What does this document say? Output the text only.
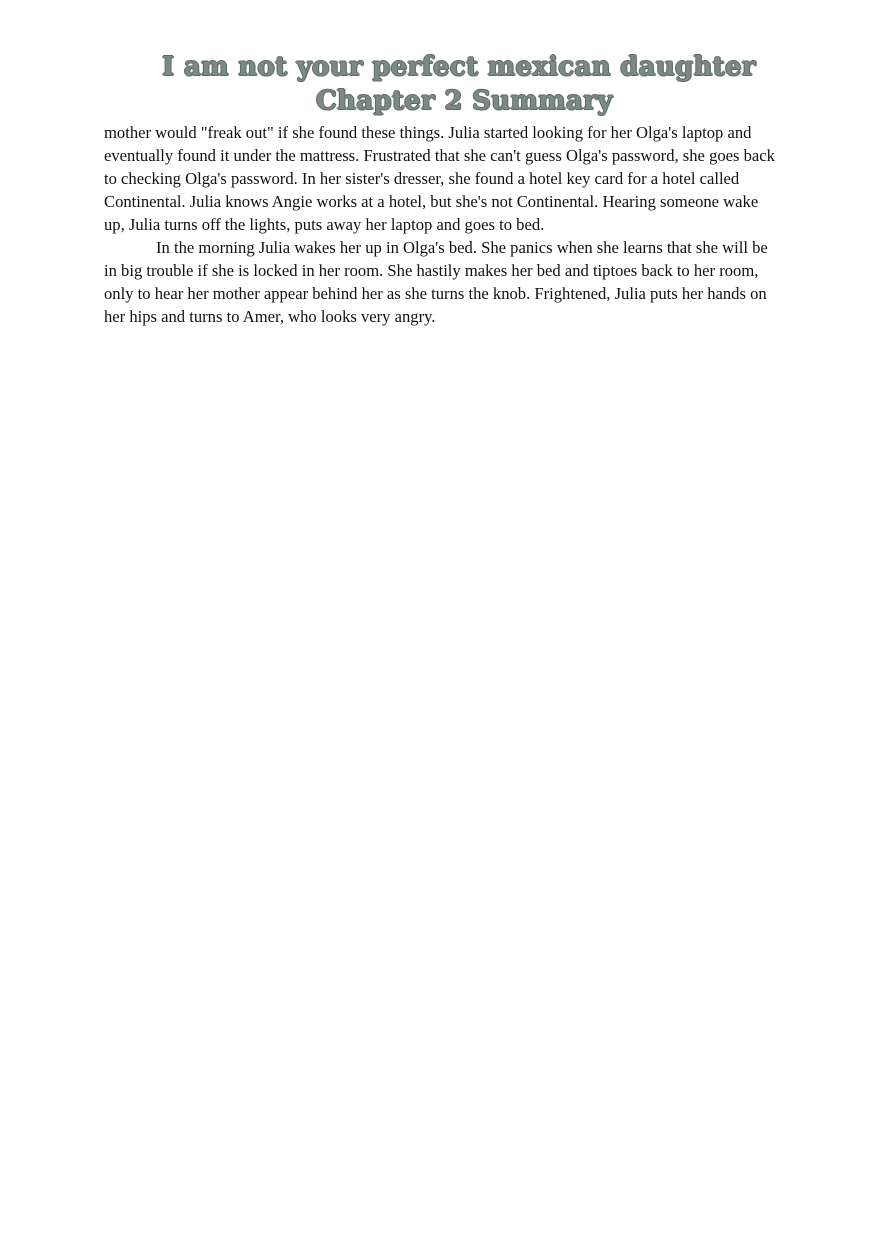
I am not your perfect mexican daughter
Chapter 2 Summary

mother would "freak out" if she found these things. Julia started looking for her Olga's laptop and eventually found it under the mattress. Frustrated that she can't guess Olga's password, she goes back to checking Olga's password. In her sister's dresser, she found a hotel key card for a hotel called Continental. Julia knows Angie works at a hotel, but she's not Continental. Hearing someone wake up, Julia turns off the lights, puts away her laptop and goes to bed.

In the morning Julia wakes her up in Olga's bed. She panics when she learns that she will be in big trouble if she is locked in her room. She hastily makes her bed and tiptoes back to her room, only to hear her mother appear behind her as she turns the knob. Frightened, Julia puts her hands on her hips and turns to Amer, who looks very angry.
